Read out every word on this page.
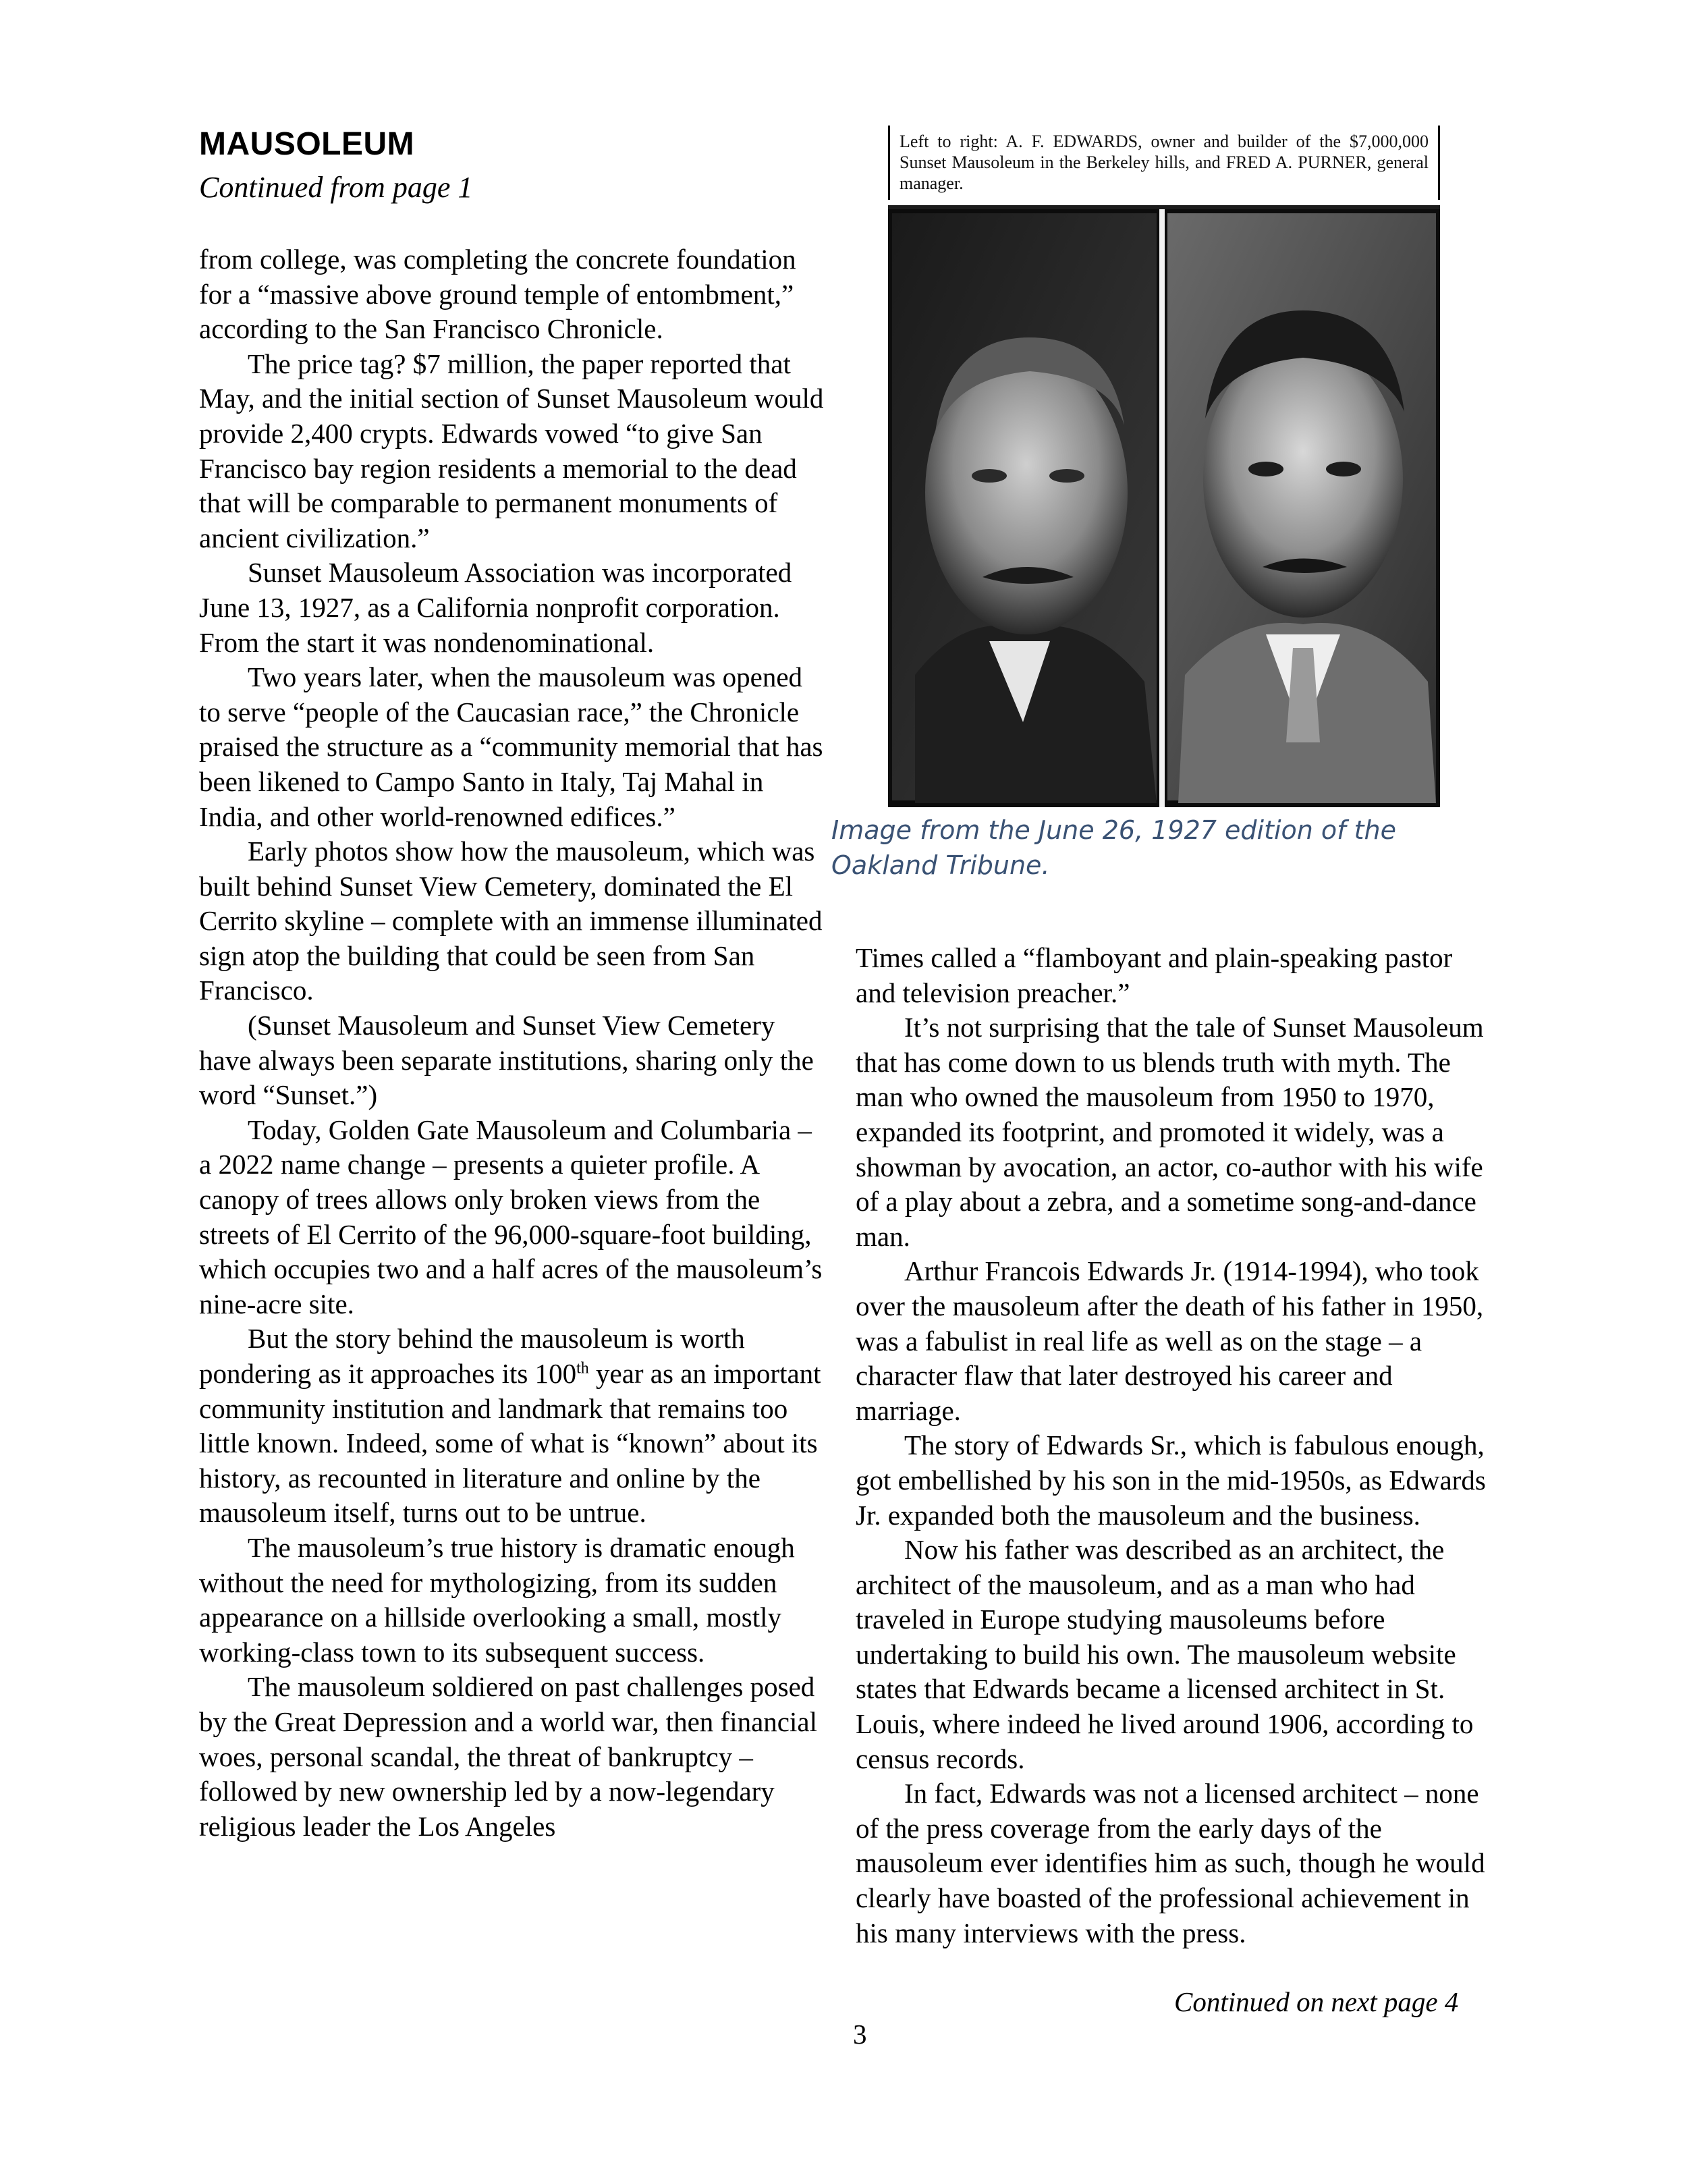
MAUSOLEUM
Continued from page 1

from college, was completing the concrete foundation for a “massive above ground temple of entombment,” according to the San Francisco Chronicle.

The price tag? $7 million, the paper reported that May, and the initial section of Sunset Mausoleum would provide 2,400 crypts. Edwards vowed “to give San Francisco bay region residents a memorial to the dead that will be comparable to permanent monuments of ancient civilization.”

Sunset Mausoleum Association was incorporated June 13, 1927, as a California nonprofit corporation. From the start it was nondenominational.

Two years later, when the mausoleum was opened to serve “people of the Caucasian race,” the Chronicle praised the structure as a “community memorial that has been likened to Campo Santo in Italy, Taj Mahal in India, and other world-renowned edifices.”

Early photos show how the mausoleum, which was built behind Sunset View Cemetery, dominated the El Cerrito skyline – complete with an immense illuminated sign atop the building that could be seen from San Francisco.

(Sunset Mausoleum and Sunset View Cemetery have always been separate institutions, sharing only the word “Sunset.”)

Today, Golden Gate Mausoleum and Columbaria – a 2022 name change – presents a quieter profile. A canopy of trees allows only broken views from the streets of El Cerrito of the 96,000-square-foot building, which occupies two and a half acres of the mausoleum’s nine-acre site.

But the story behind the mausoleum is worth pondering as it approaches its 100th year as an important community institution and landmark that remains too little known. Indeed, some of what is “known” about its history, as recounted in literature and online by the mausoleum itself, turns out to be untrue.

The mausoleum’s true history is dramatic enough without the need for mythologizing, from its sudden appearance on a hillside overlooking a small, mostly working-class town to its subsequent success.

The mausoleum soldiered on past challenges posed by the Great Depression and a world war, then financial woes, personal scandal, the threat of bankruptcy – followed by new ownership led by a now-legendary religious leader the Los Angeles

Left to right: A. F. EDWARDS, owner and builder of the $7,000,000 Sunset Mausoleum in the Berkeley hills, and FRED A. PURNER, general manager.
Image from the June 26, 1927 edition of the Oakland Tribune.

Times called a “flamboyant and plain-speaking pastor and television preacher.”

It’s not surprising that the tale of Sunset Mausoleum that has come down to us blends truth with myth. The man who owned the mausoleum from 1950 to 1970, expanded its footprint, and promoted it widely, was a showman by avocation, an actor, co-author with his wife of a play about a zebra, and a sometime song-and-dance man.

Arthur Francois Edwards Jr. (1914-1994), who took over the mausoleum after the death of his father in 1950, was a fabulist in real life as well as on the stage – a character flaw that later destroyed his career and marriage.

The story of Edwards Sr., which is fabulous enough, got embellished by his son in the mid-1950s, as Edwards Jr. expanded both the mausoleum and the business.

Now his father was described as an architect, the architect of the mausoleum, and as a man who had traveled in Europe studying mausoleums before undertaking to build his own. The mausoleum website states that Edwards became a licensed architect in St. Louis, where indeed he lived around 1906, according to census records.

In fact, Edwards was not a licensed architect – none of the press coverage from the early days of the mausoleum ever identifies him as such, though he would clearly have boasted of the professional achievement in his many interviews with the press.

Continued on next page 4
3
